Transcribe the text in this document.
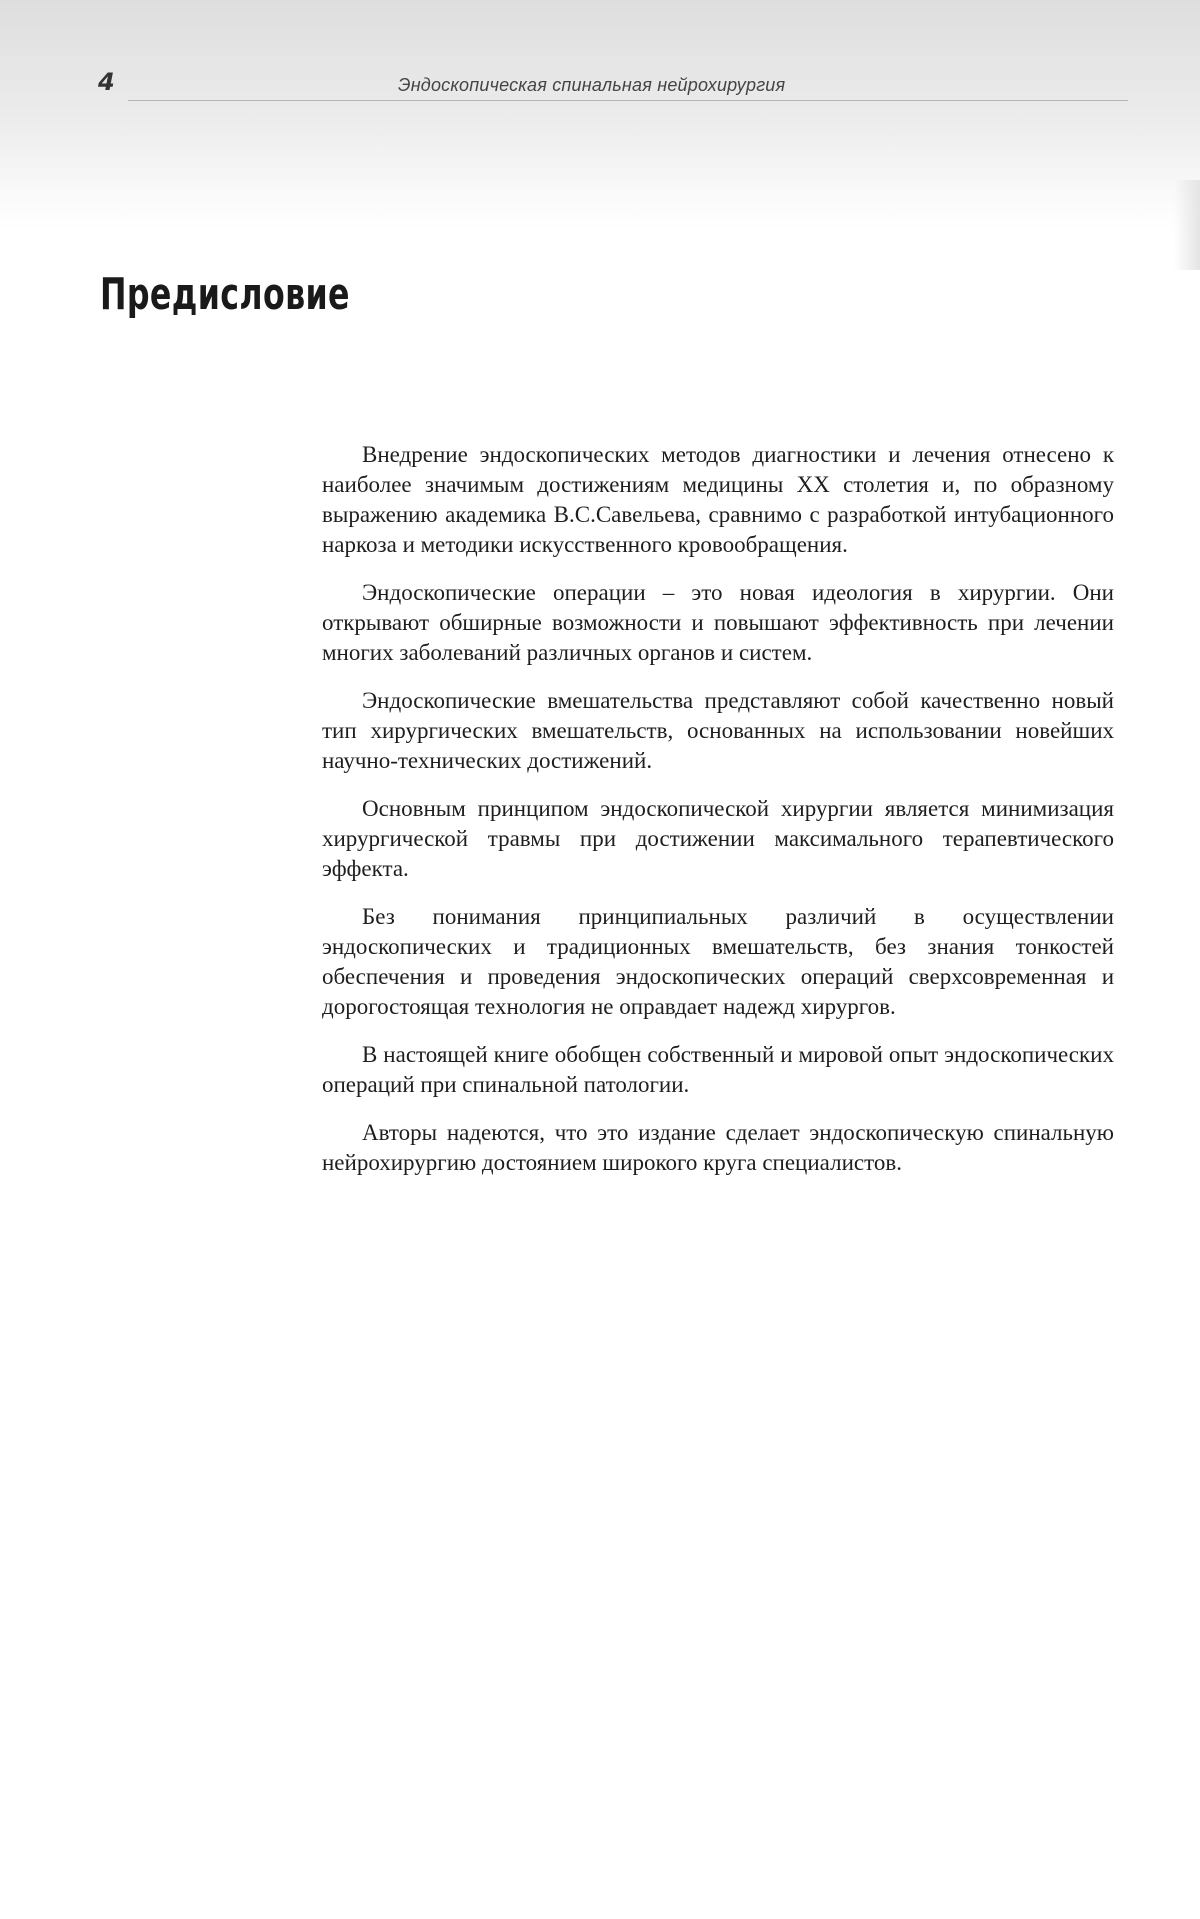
4	Эндоскопическая спинальная нейрохирургия
Предисловие

Внедрение эндоскопических методов диагностики и лечения отнесено к наиболее значимым достижениям медицины XX столетия и, по образному выражению академика В.С.Савельева, сравнимо с разработкой интубационного наркоза и методики искусственного кровообращения.

Эндоскопические операции – это новая идеология в хирургии. Они открывают обширные возможности и повышают эффективность при лечении многих заболеваний различных органов и систем.

Эндоскопические вмешательства представляют собой качественно новый тип хирургических вмешательств, основанных на использовании новейших научно-технических достижений.

Основным принципом эндоскопической хирургии является минимизация хирургической травмы при достижении максимального терапевтического эффекта.

Без понимания принципиальных различий в осуществлении эндоскопических и традиционных вмешательств, без знания тонкостей обеспечения и проведения эндоскопических операций сверхсовременная и дорогостоящая технология не оправдает надежд хирургов.

В настоящей книге обобщен собственный и мировой опыт эндоскопических операций при спинальной патологии.

Авторы надеются, что это издание сделает эндоскопическую спинальную нейрохирургию достоянием широкого круга специалистов.
